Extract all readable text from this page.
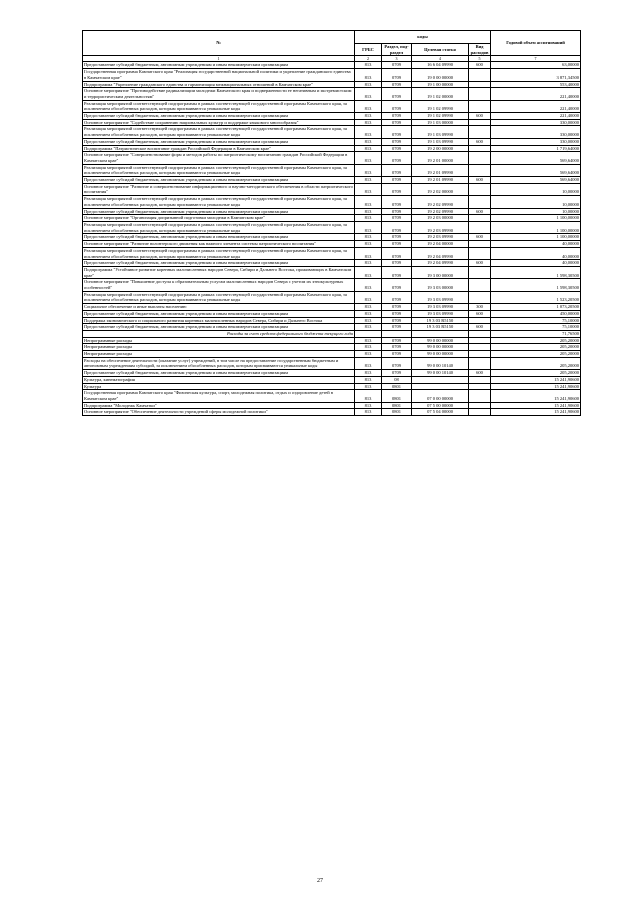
№	коды				Годовой объем ассигнований
	ГРБС	Раздел, под-раздел	Целевая статья	Вид расходов	
1	2	3	4	5	7
Предоставление субсидий бюджетным, автономным учреждениям и иным некоммерческим организациям	813	0709	16 6 04 09990	600	63,00000
Государственная программа Камчатского края "Реализация государственной национальной политики и укрепление гражданского единства в Камчатском крае"	813	0709	19 0 00 00000		3 871,34500
Подпрограмма "Укрепление гражданского единства и гармонизация межнациональных отношений в Камчатском крае"	813	0709	19 1 00 00000		553,40000
Основное мероприятие "Противодействие радикализации молодежи Камчатского края и подверженности ее негативным и экстремистским и террористическим деятельностям"	813	0709	19 1 02 00000		221,40000
Реализация мероприятий соответствующей подпрограммы в рамках соответствующей государственной программы Камчатского края, за исключением обособленных расходов, которым присваиваются уникальные коды	813	0709	19 1 02 09990		221,40000
Предоставление субсидий бюджетным, автономным учреждениям и иным некоммерческим организациям	813	0709	19 1 02 09990	600	221,40000
Основное мероприятие "Содействие сохранению национальных культур и поддержке языкового многообразия"	813	0709	19 1 03 00000		330,00000
Реализация мероприятий соответствующей подпрограммы в рамках соответствующей государственной программы Камчатского края, за исключением обособленных расходов, которым присваиваются уникальные коды	813	0709	19 1 03 09990		330,00000
Предоставление субсидий бюджетным, автономным учреждениям и иным некоммерческим организациям	813	0709	19 1 03 09990	600	330,00000
Подпрограмма "Патриотическое воспитание граждан Российской Федерации в Камчатском крае"	813	0709	19 2 00 00000		1 719,64000
Основное мероприятие "Совершенствование форм и методов работы по патриотическому воспитанию граждан Российской Федерации в Камчатском крае"	813	0709	19 2 01 00000		569,64000
Реализация мероприятий соответствующей подпрограммы в рамках соответствующей государственной программы Камчатского края, за исключением обособленных расходов, которым присваиваются уникальные коды	813	0709	19 2 01 09990		569,64000
Предоставление субсидий бюджетным, автономным учреждениям и иным некоммерческим организациям	813	0709	19 2 01 09990	600	569,64000
Основное мероприятие "Развитие и совершенствование информационного и научно-методического обеспечения в области патриотического воспитания"	813	0709	19 2 02 00000		10,00000
Реализация мероприятий соответствующей подпрограммы в рамках соответствующей государственной программы Камчатского края, за исключением обособленных расходов, которым присваиваются уникальные коды	813	0709	19 2 02 09990		10,00000
Предоставление субсидий бюджетным, автономным учреждениям и иным некоммерческим организациям	813	0709	19 2 02 09990	600	10,00000
Основное мероприятие "Организация допризывной подготовки молодежи в Камчатском крае"	813	0709	19 2 03 00000		1 100,00000
Реализация мероприятий соответствующей подпрограммы в рамках соответствующей государственной программы Камчатского края, за исключением обособленных расходов, которым присваиваются уникальные коды	813	0709	19 2 03 09990		1 100,00000
Предоставление субсидий бюджетным, автономным учреждениям и иным некоммерческим организациям	813	0709	19 2 03 09990	600	1 100,00000
Основное мероприятие "Развитие волонтерского движения как важного элемента системы патриотического воспитания"	813	0709	19 2 04 00000		40,00000
Реализация мероприятий соответствующей подпрограммы в рамках соответствующей государственной программы Камчатского края, за исключением обособленных расходов, которым присваиваются уникальные коды	813	0709	19 2 04 09990		40,00000
Предоставление субсидий бюджетным, автономным учреждениям и иным некоммерческим организациям	813	0709	19 2 04 09990	600	40,00000
Подпрограмма "Устойчивое развитие коренных малочисленных народов Севера, Сибири и Дальнего Востока, проживающих в Камчатском крае"	813	0709	19 3 00 00000		1 598,30500
Основное мероприятие "Повышение доступа к образовательным услугам малочисленных народов Севера с учетом их этнокультурных особенностей"	813	0709	19 3 03 00000		1 598,30500
Реализация мероприятий соответствующей подпрограммы в рамках соответствующей государственной программы Камчатского края, за исключением обособленных расходов, которым присваиваются уникальные коды	813	0709	19 3 03 09990		1 523,20500
Социальное обеспечение и иные выплаты населению	813	0709	19 3 03 09990	300	1 073,20500
Предоставление субсидий бюджетным, автономным учреждениям и иным некоммерческим организациям	813	0709	19 3 03 09990	600	450,00000
Поддержка экономического и социального развития коренных малочисленных народов Севера, Сибири и Дальнего Востока	813	0709	19 3 03 R5150		75,10000
Предоставление субсидий бюджетным, автономным учреждениям и иным некоммерческим организациям	813	0709	19 3 03 R5150	600	75,10000
Расходы за счет средств федерального бюджета текущего года					71,76500
Непрограммные расходы	813	0709	99 0 00 00000		205,20000
Непрограммные расходы	813	0709	99 0 00 00000		205,20000
Непрограммные расходы	813	0709	99 0 00 00000		205,20000
Расходы на обеспечение деятельности (оказание услуг) учреждений, в том числе на предоставление государственным бюджетным и автономным учреждениям субсидий, за исключением обособленных расходов, которым присваиваются уникальные коды	813	0709	99 0 00 10140		205,20000
Предоставление субсидий бюджетным, автономным учреждениям и иным некоммерческим организациям	813	0709	99 0 00 10140	600	205,20000
Культура, кинематография	813	08			15 241,90600
Культура	813	0801			15 241,90600
Государственная программа Камчатского края "Физическая культура, спорт, молодежная политика, отдых и оздоровление детей в Камчатском крае"	813	0801	07 0 00 00000		15 241,90600
Подпрограмма "Молодежь Камчатки"	813	0801	07 5 00 00000		15 241,90600
Основное мероприятие "Обеспечение деятельности учреждений сферы молодежной политики"	813	0801	07 5 04 00000		15 241,90600
27
